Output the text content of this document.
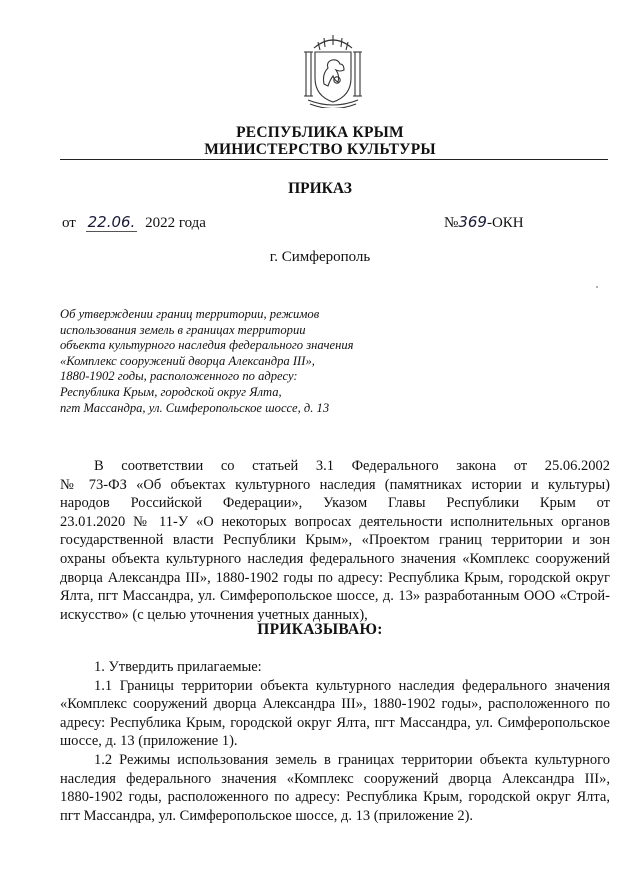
РЕСПУБЛИКА КРЫМ
МИНИСТЕРСТВО КУЛЬТУРЫ
ПРИКАЗ
от 22.06. 2022 года	№369-ОКН
г. Симферополь
Об утверждении границ территории, режимов
использования земель в границах территории
объекта культурного наследия федерального значения
«Комплекс сооружений дворца Александра III»,
1880-1902 годы, расположенного по адресу:
Республика Крым, городской округ Ялта,
пгт Массандра, ул. Симферопольское шоссе, д. 13
В соответствии со статьей 3.1 Федерального закона от 25.06.2002
№ 73-ФЗ «Об объектах культурного наследия (памятниках истории и культуры)
народов Российской Федерации», Указом Главы Республики Крым от
23.01.2020 № 11-У «О некоторых вопросах деятельности исполнительных органов
государственной власти Республики Крым», «Проектом границ территории и зон
охраны объекта культурного наследия федерального значения «Комплекс сооружений
дворца Александра III», 1880-1902 годы по адресу: Республика Крым, городской округ
Ялта, пгт Массандра, ул. Симферопольское шоссе, д. 13» разработанным ООО «Строй-
искусство» (с целью уточнения учетных данных),
ПРИКАЗЫВАЮ:
1. Утвердить прилагаемые:
1.1 Границы территории объекта культурного наследия федерального значения
«Комплекс сооружений дворца Александра III», 1880-1902 годы», расположенного по
адресу: Республика Крым, городской округ Ялта, пгт Массандра, ул. Симферопольское
шоссе, д. 13 (приложение 1).
1.2 Режимы использования земель в границах территории объекта культурного
наследия федерального значения «Комплекс сооружений дворца Александра III»,
1880-1902 годы, расположенного по адресу: Республика Крым, городской округ Ялта,
пгт Массандра, ул. Симферопольское шоссе, д. 13 (приложение 2).
